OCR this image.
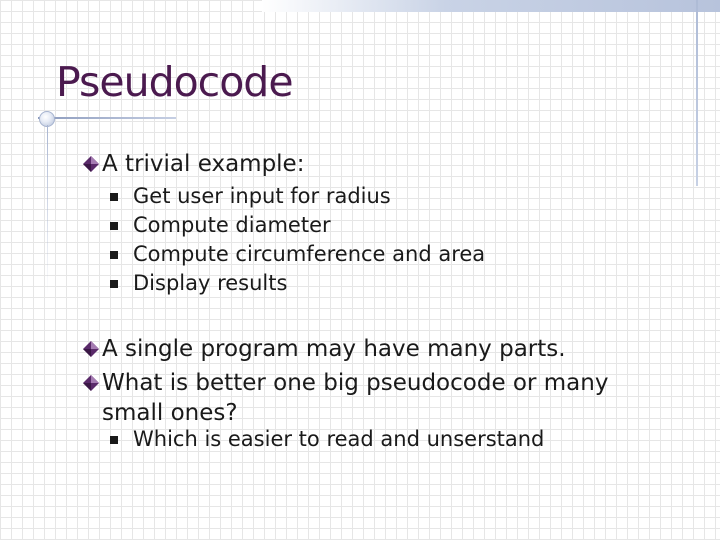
Pseudocode
A trivial example:
Get user input for radius
Compute diameter
Compute circumference and area
Display results
A single program may have many parts.
What is better one big pseudocode or many small ones?
Which is easier to read and unserstand
